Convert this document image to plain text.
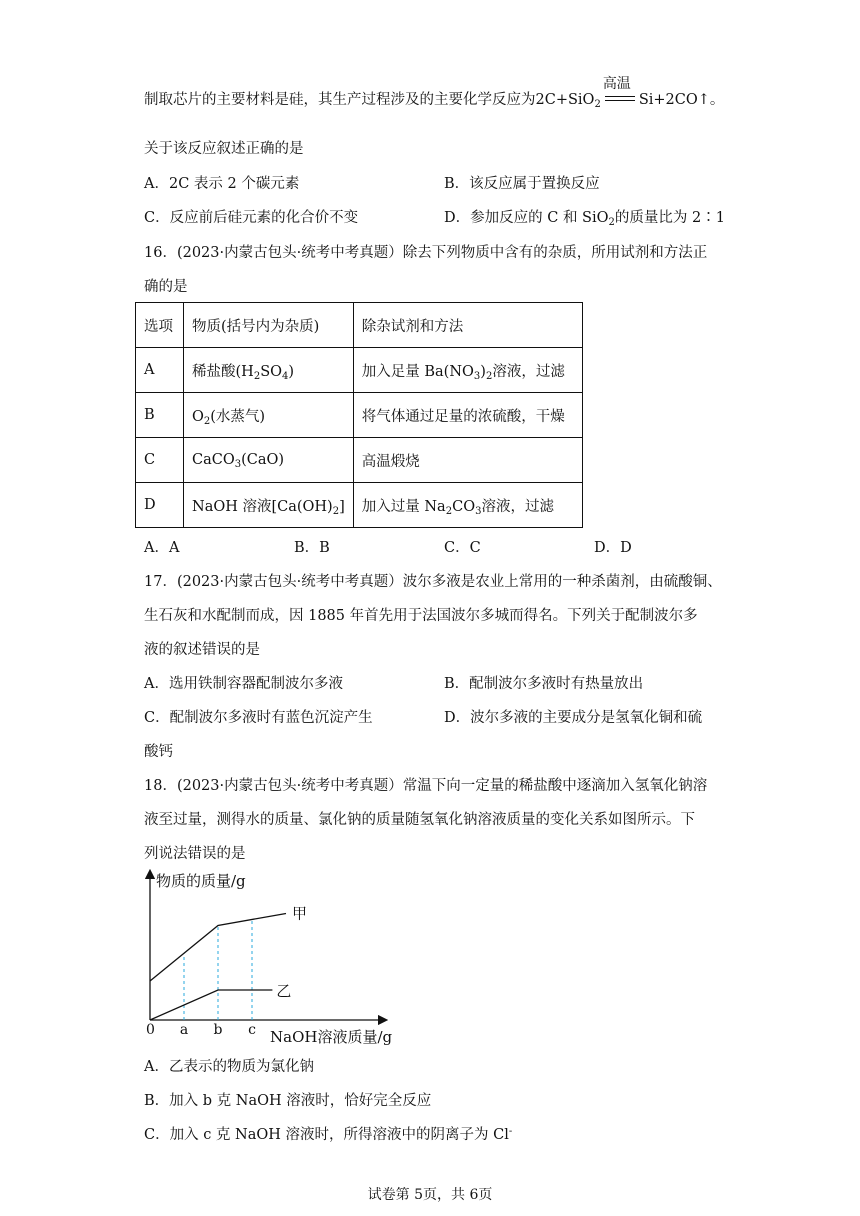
制取芯片的主要材料是硅，其生产过程涉及的主要化学反应为2C+SiO$_2$
高温
Si+2CO↑。
关于该反应叙述正确的是
A．2C 表示 2 个碳元素	B．该反应属于置换反应
C．反应前后硅元素的化合价不变	D．参加反应的 C 和 SiO$_2$的质量比为 2∶1
16．(2023·内蒙古包头·统考中考真题）除去下列物质中含有的杂质，所用试剂和方法正
确的是
选项	物质(括号内为杂质)	除杂试剂和方法
A	稀盐酸$(H_2SO_4)$	加入足量 $Ba(NO_3)_2$溶液，过滤
B	$O_2$(水蒸气)	将气体通过足量的浓硫酸，干燥
C	CaCO$_3$(CaO)	高温煅烧
D	NaOH 溶液$[Ca(OH)_2]$	加入过量 $Na_2CO_3$溶液，过滤
A．A	B．B	C．C	D．D
17．(2023·内蒙古包头·统考中考真题）波尔多液是农业上常用的一种杀菌剂，由硫酸铜、
生石灰和水配制而成，因 1885 年首先用于法国波尔多城而得名。下列关于配制波尔多
液的叙述错误的是
A．选用铁制容器配制波尔多液	B．配制波尔多液时有热量放出
C．配制波尔多液时有蓝色沉淀产生	D．波尔多液的主要成分是氢氧化铜和硫
酸钙
18．(2023·内蒙古包头·统考中考真题）常温下向一定量的稀盐酸中逐滴加入氢氧化钠溶
液至过量，测得水的质量、氯化钠的质量随氢氧化钠溶液质量的变化关系如图所示。下
列说法错误的是
物质的质量/g
NaOH溶液质量/g
0 a b c
甲
乙
A．乙表示的物质为氯化钠
B．加入 b 克 NaOH 溶液时，恰好完全反应
C．加入 c 克 NaOH 溶液时，所得溶液中的阴离子为 Cl-
试卷第 5页，共 6页
